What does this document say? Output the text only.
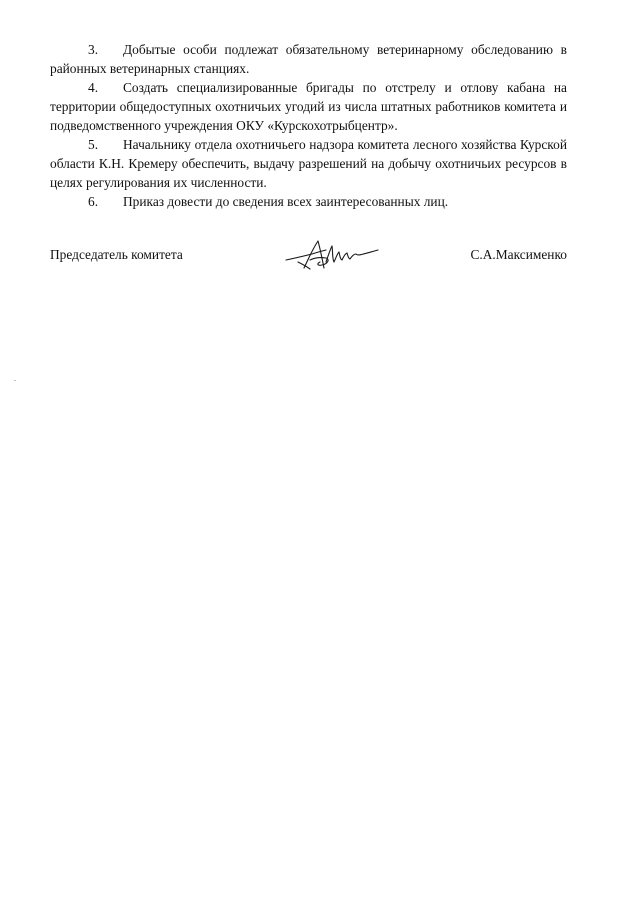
3. Добытые особи подлежат обязательному ветеринарному обследованию в районных ветеринарных станциях.

4. Создать специализированные бригады по отстрелу и отлову кабана на территории общедоступных охотничьих угодий из числа штатных работников комитета и подведомственного учреждения ОКУ «Курскохотрыбцентр».

5. Начальнику отдела охотничьего надзора комитета лесного хозяйства Курской области К.Н. Кремеру обеспечить, выдачу разрешений на добычу охотничьих ресурсов в целях регулирования их численности.

6. Приказ довести до сведения всех заинтересованных лиц.

Председатель комитета	С.А.Максименко
